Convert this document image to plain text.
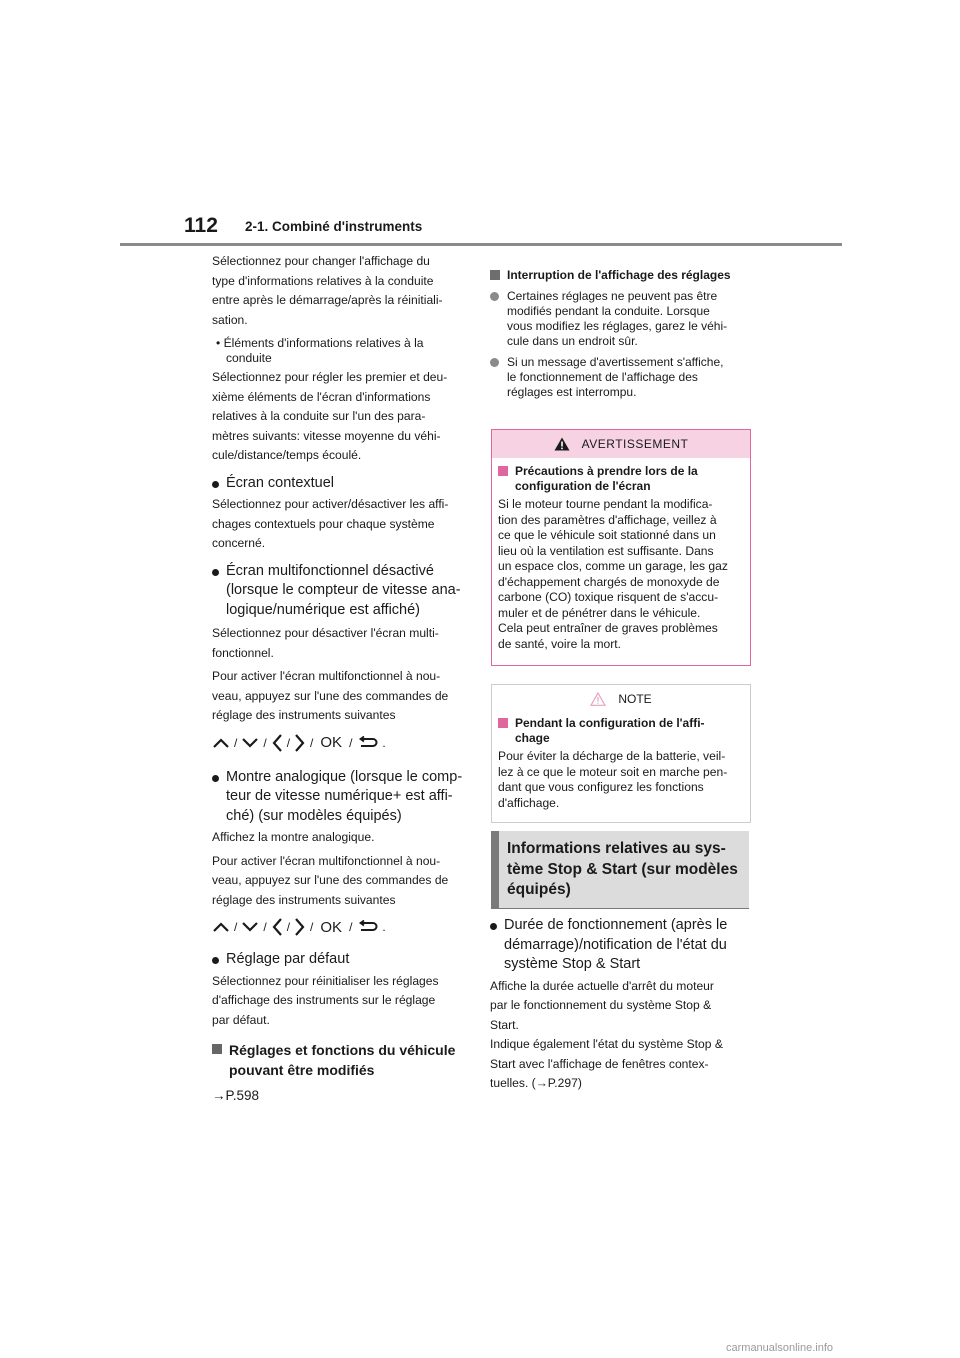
112 2-1. Combiné d'instruments

Sélectionnez pour changer l'affichage du

type d'informations relatives à la conduite

entre après le démarrage/après la réinitiali-

sation.

• Éléments d'informations relatives à la conduite

Sélectionnez pour régler les premier et deu-

xième éléments de l'écran d'informations

relatives à la conduite sur l'un des para-

mètres suivants: vitesse moyenne du véhi-

cule/distance/temps écoulé.

Écran contextuel

Sélectionnez pour activer/désactiver les affi-

chages contextuels pour chaque système

concerné.

Écran multifonctionnel désactivé
(lorsque le compteur de vitesse ana-
logique/numérique est affiché)

Sélectionnez pour désactiver l'écran multi-

fonctionnel.

Pour activer l'écran multifonctionnel à nou-

veau, appuyez sur l'une des commandes de

réglage des instruments suivantes

/ / / / OK /	.
Montre analogique (lorsque le comp-
teur de vitesse numérique+ est affi-
ché) (sur modèles équipés)

Affichez la montre analogique.

Pour activer l'écran multifonctionnel à nou-

veau, appuyez sur l'une des commandes de

réglage des instruments suivantes

/ / / / OK /	.
Réglage par défaut

Sélectionnez pour réinitialiser les réglages

d'affichage des instruments sur le réglage

par défaut.

Réglages et fonctions du véhicule
pouvant être modifiés

→P.598

Interruption de l'affichage des réglages
Certaines réglages ne peuvent pas être
modifiés pendant la conduite. Lorsque
vous modifiez les réglages, garez le véhi-
cule dans un endroit sûr.
Si un message d'avertissement s'affiche,
le fonctionnement de l'affichage des
réglages est interrompu.
AVERTISSEMENT
Précautions à prendre lors de la
configuration de l'écran

Si le moteur tourne pendant la modifica-

tion des paramètres d'affichage, veillez à

ce que le véhicule soit stationné dans un

lieu où la ventilation est suffisante. Dans

un espace clos, comme un garage, les gaz

d'échappement chargés de monoxyde de

carbone (CO) toxique risquent de s'accu-

muler et de pénétrer dans le véhicule.

Cela peut entraîner de graves problèmes

de santé, voire la mort.

NOTE
Pendant la configuration de l'affi-
chage

Pour éviter la décharge de la batterie, veil-

lez à ce que le moteur soit en marche pen-

dant que vous configurez les fonctions

d'affichage.

Informations relatives au sys-

tème Stop & Start (sur modèles

équipés)

Durée de fonctionnement (après le
démarrage)/notification de l'état du
système Stop & Start

Affiche la durée actuelle d'arrêt du moteur

par le fonctionnement du système Stop &

Start.

Indique également l'état du système Stop &

Start avec l'affichage de fenêtres contex-

tuelles. (→P.297)

carmanualsonline.info
